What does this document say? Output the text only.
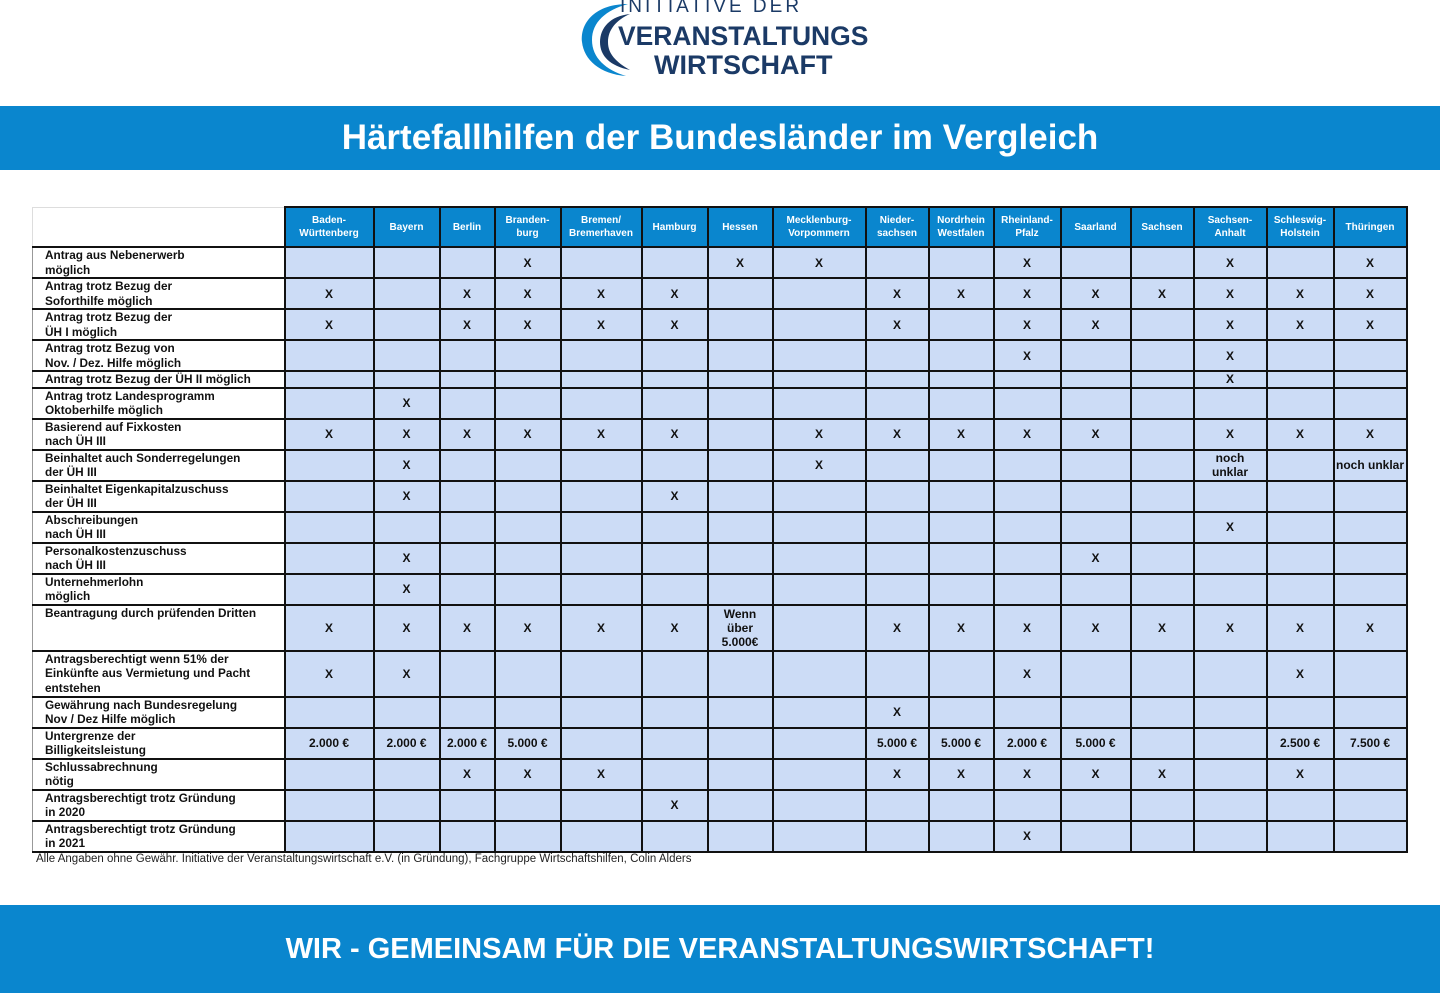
INITIATIVE DER
VERANSTALTUNGS
WIRTSCHAFT
Härtefallhilfen der Bundesländer im Vergleich
	Baden-
Württenberg	Bayern	Berlin	Branden-
burg	Bremen/
Bremerhaven	Hamburg	Hessen	Mecklenburg-
Vorpommern	Nieder-
sachsen	Nordrhein
Westfalen	Rheinland-
Pfalz	Saarland	Sachsen	Sachsen-
Anhalt	Schleswig-
Holstein	Thüringen
Antrag aus Nebenerwerb
möglich				X			X	X			X			X		X
Antrag trotz Bezug der
Soforthilfe möglich	X		X	X	X	X			X	X	X	X	X	X	X	X
Antrag trotz Bezug der
ÜH I möglich	X		X	X	X	X			X		X	X		X	X	X
Antrag trotz Bezug von
Nov. / Dez. Hilfe möglich											X			X		
Antrag trotz Bezug der ÜH II möglich														X		
Antrag trotz Landesprogramm
Oktoberhilfe möglich		X														
Basierend auf Fixkosten
nach ÜH III	X	X	X	X	X	X		X	X	X	X	X		X	X	X
Beinhaltet auch Sonderregelungen
der ÜH III		X						X						noch
unklar		noch unklar
Beinhaltet Eigenkapitalzuschuss
der ÜH III		X				X										
Abschreibungen
nach ÜH III														X		
Personalkostenzuschuss
nach ÜH III		X										X				
Unternehmerlohn
möglich		X														
Beantragung durch prüfenden Dritten	X	X	X	X	X	X	Wenn
über
5.000€		X	X	X	X	X	X	X	X
Antragsberechtigt wenn 51% der
Einkünfte aus Vermietung und Pacht
entstehen	X	X									X				X	
Gewährung nach Bundesregelung
Nov / Dez Hilfe möglich									X							
Untergrenze der
Billigkeitsleistung	2.000 €	2.000 €	2.000 €	5.000 €					5.000 €	5.000 €	2.000 €	5.000 €			2.500 €	7.500 €
Schlussabrechnung
nötig			X	X	X				X	X	X	X	X		X	
Antragsberechtigt trotz Gründung
in 2020						X										
Antragsberechtigt trotz Gründung
in 2021											X					
Alle Angaben ohne Gewähr. Initiative der Veranstaltungswirtschaft e.V. (in Gründung), Fachgruppe Wirtschaftshilfen, Colin Alders
WIR - GEMEINSAM FÜR DIE VERANSTALTUNGSWIRTSCHAFT!
